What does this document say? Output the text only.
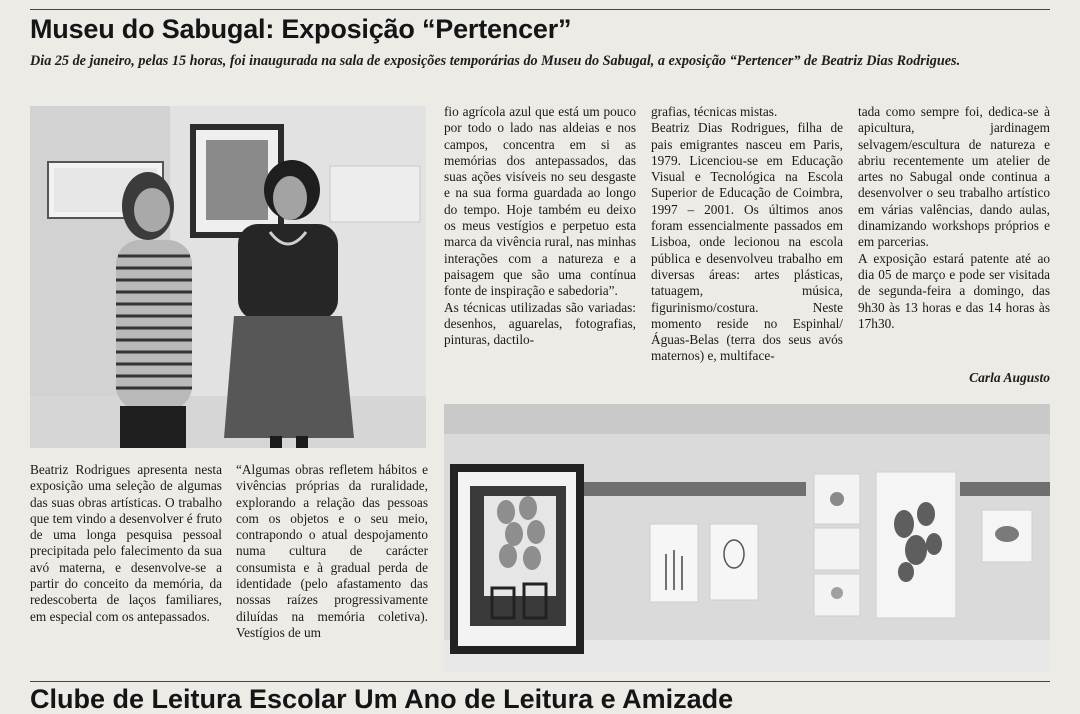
Museu do Sabugal: Exposição “Pertencer”
Dia 25 de janeiro, pelas 15 horas, foi inaugurada na sala de exposições temporárias do Museu do Sabugal, a exposição “Pertencer” de Beatriz Dias Rodrigues.

fio agrícola azul que está um pouco por todo o lado nas aldeias e nos campos, concentra em si as memórias dos antepassados, das suas ações visíveis no seu desgaste e na sua forma guardada ao longo do tempo. Hoje também eu deixo os meus vestígios e perpetuo esta marca da vivência rural, nas minhas interações com a natureza e a paisagem que são uma contínua fonte de inspiração e sabedoria”.

As técnicas utilizadas são variadas: desenhos, aguarelas, fotografias, pinturas, dactilo-

grafias, técnicas mistas.

Beatriz Dias Rodrigues, filha de pais emigrantes nasceu em Paris, 1979. Licenciou-se em Educação Visual e Tecnológica na Escola Superior de Educação de Coimbra, 1997 – 2001. Os últimos anos foram essencialmente passados em Lisboa, onde lecionou na escola pública e desenvolveu trabalho em diversas áreas: artes plásticas, tatuagem, música, figurinismo/costura. Neste momento reside no Espinhal/ Águas-Belas (terra dos seus avós maternos) e, multiface-

tada como sempre foi, dedica-se à apicultura, jardinagem selvagem/escultura de natureza e abriu recentemente um atelier de artes no Sabugal onde continua a desenvolver o seu trabalho artístico em várias valências, dando aulas, dinamizando workshops próprios e em parcerias.

A exposição estará patente até ao dia 05 de março e pode ser visitada de segunda-feira a domingo, das 9h30 às 13 horas e das 14 horas às 17h30.

Carla Augusto

Beatriz Rodrigues apresenta nesta exposição uma seleção de algumas das suas obras artísticas. O trabalho que tem vindo a desenvolver é fruto de uma longa pesquisa pessoal precipitada pelo falecimento da sua avó materna, e desenvolve-se a partir do conceito da memória, da redescoberta de laços familiares, em especial com os antepassados.

“Algumas obras refletem hábitos e vivências próprias da ruralidade, explorando a relação das pessoas com os objetos e o seu meio, contrapondo o atual despojamento numa cultura de carácter consumista e à gradual perda de identidade (pelo afastamento das nossas raízes progressivamente diluídas na memória coletiva). Vestígios de um

Clube de Leitura Escolar Um Ano de Leitura e Amizade
